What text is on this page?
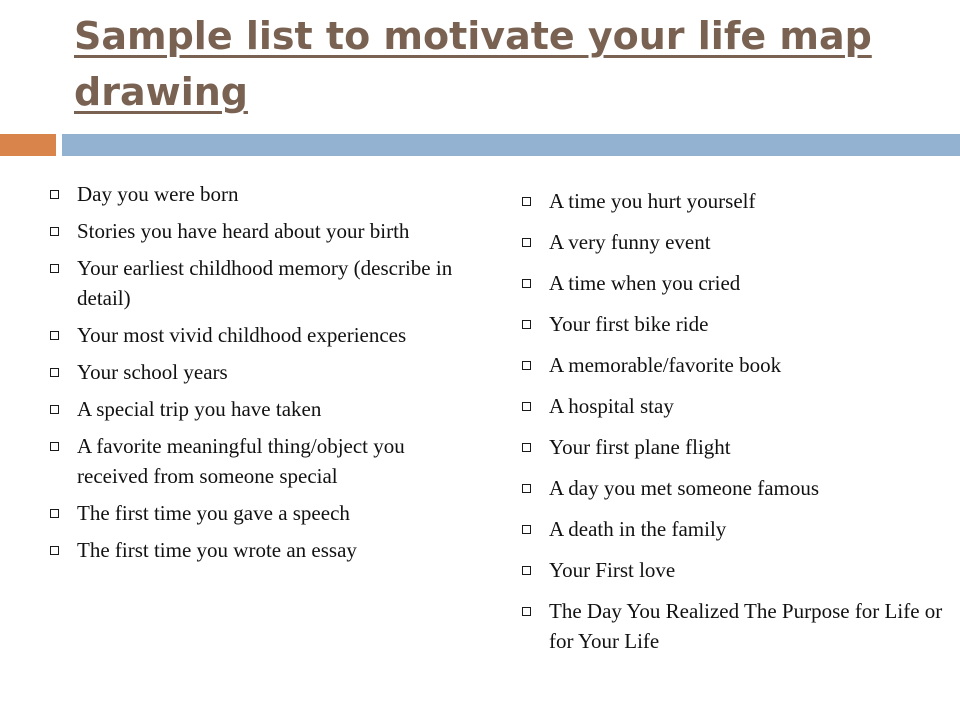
Sample list to motivate your life map drawing
Day you were born
Stories you have heard about your birth
Your earliest childhood memory (describe in detail)
Your most vivid childhood experiences
Your school years
A special trip you have taken
A favorite meaningful thing/object you received from someone special
The first time you gave a speech
The first time you wrote an essay
A time you hurt yourself
A very funny event
A time when you cried
Your first bike ride
A memorable/favorite book
A hospital stay
Your first plane flight
A day you met someone famous
A death in the family
Your First love
The Day You Realized The Purpose for Life or for Your Life
